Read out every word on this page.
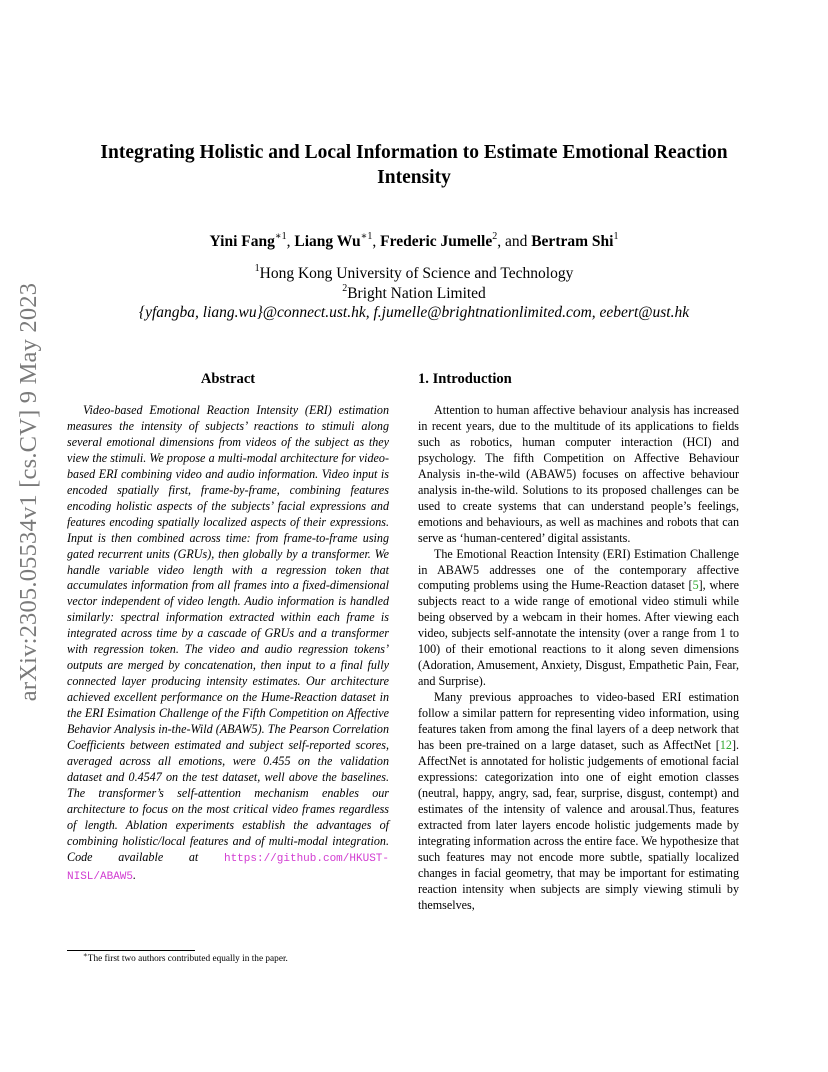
arXiv:2305.05534v1 [cs.CV] 9 May 2023
Integrating Holistic and Local Information to Estimate Emotional Reaction Intensity
Yini Fang$^{∗1}$, Liang $Wu^{∗1}$, Frederic Jumelle$^2$, and Bertram Shi$^1$
$^1$Hong Kong University of Science and Technology
$^2$Bright Nation Limited
{yfangba, liang.wu}@connect.ust.hk, f.jumelle@brightnationlimited.com, eebert@ust.hk
Abstract

Video-based Emotional Reaction Intensity (ERI) estimation measures the intensity of subjects’ reactions to stimuli along several emotional dimensions from videos of the subject as they view the stimuli. We propose a multi-modal architecture for video-based ERI combining video and audio information. Video input is encoded spatially first, frame-by-frame, combining features encoding holistic aspects of the subjects’ facial expressions and features encoding spatially localized aspects of their expressions. Input is then combined across time: from frame-to-frame using gated recurrent units (GRUs), then globally by a transformer. We handle variable video length with a regression token that accumulates information from all frames into a fixed-dimensional vector independent of video length. Audio information is handled similarly: spectral information extracted within each frame is integrated across time by a cascade of GRUs and a transformer with regression token. The video and audio regression tokens’ outputs are merged by concatenation, then input to a final fully connected layer producing intensity estimates. Our architecture achieved excellent performance on the Hume-Reaction dataset in the ERI Esimation Challenge of the Fifth Competition on Affective Behavior Analysis in-the-Wild (ABAW5). The Pearson Correlation Coefficients between estimated and subject self-reported scores, averaged across all emotions, were 0.455 on the validation dataset and 0.4547 on the test dataset, well above the baselines. The transformer’s self-attention mechanism enables our architecture to focus on the most critical video frames regardless of length. Ablation experiments establish the advantages of combining holistic/local features and of multi-modal integration. Code available at https://github.com/HKUST-NISL/ABAW5.

∗The first two authors contributed equally in the paper.
1. Introduction

Attention to human affective behaviour analysis has increased in recent years, due to the multitude of its applications to fields such as robotics, human computer interaction (HCI) and psychology. The fifth Competition on Affective Behaviour Analysis in-the-wild (ABAW5) focuses on affective behaviour analysis in-the-wild. Solutions to its proposed challenges can be used to create systems that can understand people’s feelings, emotions and behaviours, as well as machines and robots that can serve as ‘human-centered’ digital assistants.

The Emotional Reaction Intensity (ERI) Estimation Challenge in ABAW5 addresses one of the contemporary affective computing problems using the Hume-Reaction dataset [5], where subjects react to a wide range of emotional video stimuli while being observed by a webcam in their homes. After viewing each video, subjects self-annotate the intensity (over a range from 1 to 100) of their emotional reactions to it along seven dimensions (Adoration, Amusement, Anxiety, Disgust, Empathetic Pain, Fear, and Surprise).

Many previous approaches to video-based ERI estimation follow a similar pattern for representing video information, using features taken from among the final layers of a deep network that has been pre-trained on a large dataset, such as AffectNet [12]. AffectNet is annotated for holistic judgements of emotional facial expressions: categorization into one of eight emotion classes (neutral, happy, angry, sad, fear, surprise, disgust, contempt) and estimates of the intensity of valence and arousal.Thus, features extracted from later layers encode holistic judgements made by integrating information across the entire face. We hypothesize that such features may not encode more subtle, spatially localized changes in facial geometry, that may be important for estimating reaction intensity when subjects are simply viewing stimuli by themselves,
